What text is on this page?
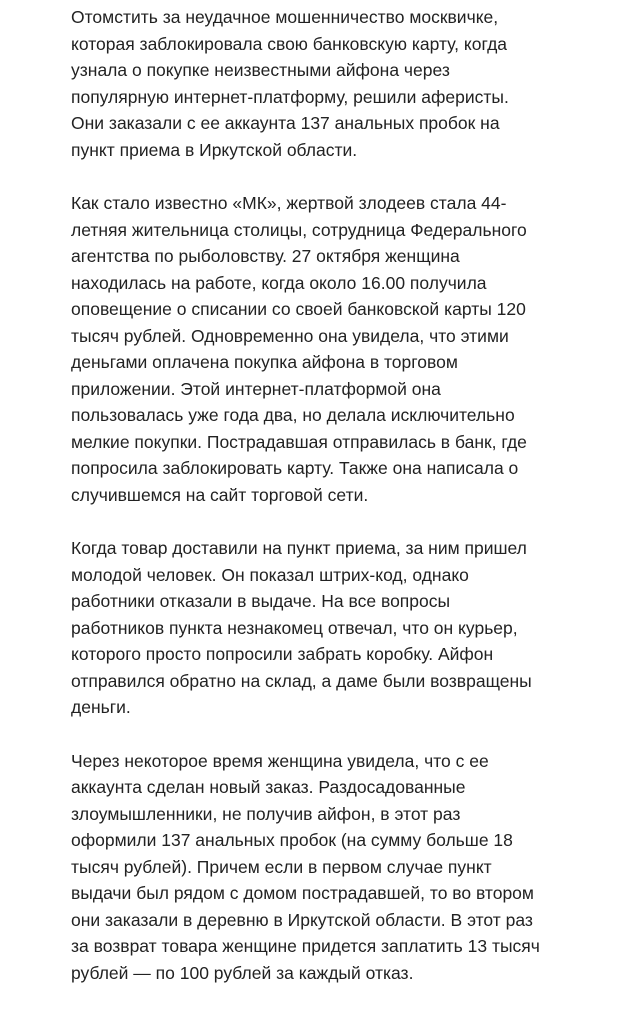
Отомстить за неудачное мошенничество москвичке,
которая заблокировала свою банковскую карту, когда
узнала о покупке неизвестными айфона через
популярную интернет-платформу, решили аферисты.
Они заказали с ее аккаунта 137 анальных пробок на
пункт приема в Иркутской области.

Как стало известно «МК», жертвой злодеев стала 44-
летняя жительница столицы, сотрудница Федерального
агентства по рыболовству. 27 октября женщина
находилась на работе, когда около 16.00 получила
оповещение о списании со своей банковской карты 120
тысяч рублей. Одновременно она увидела, что этими
деньгами оплачена покупка айфона в торговом
приложении. Этой интернет-платформой она
пользовалась уже года два, но делала исключительно
мелкие покупки. Пострадавшая отправилась в банк, где
попросила заблокировать карту. Также она написала о
случившемся на сайт торговой сети.

Когда товар доставили на пункт приема, за ним пришел
молодой человек. Он показал штрих-код, однако
работники отказали в выдаче. На все вопросы
работников пункта незнакомец отвечал, что он курьер,
которого просто попросили забрать коробку. Айфон
отправился обратно на склад, а даме были возвращены
деньги.

Через некоторое время женщина увидела, что с ее
аккаунта сделан новый заказ. Раздосадованные
злоумышленники, не получив айфон, в этот раз
оформили 137 анальных пробок (на сумму больше 18
тысяч рублей). Причем если в первом случае пункт
выдачи был рядом с домом пострадавшей, то во втором
они заказали в деревню в Иркутской области. В этот раз
за возврат товара женщине придется заплатить 13 тысяч
рублей — по 100 рублей за каждый отказ.
